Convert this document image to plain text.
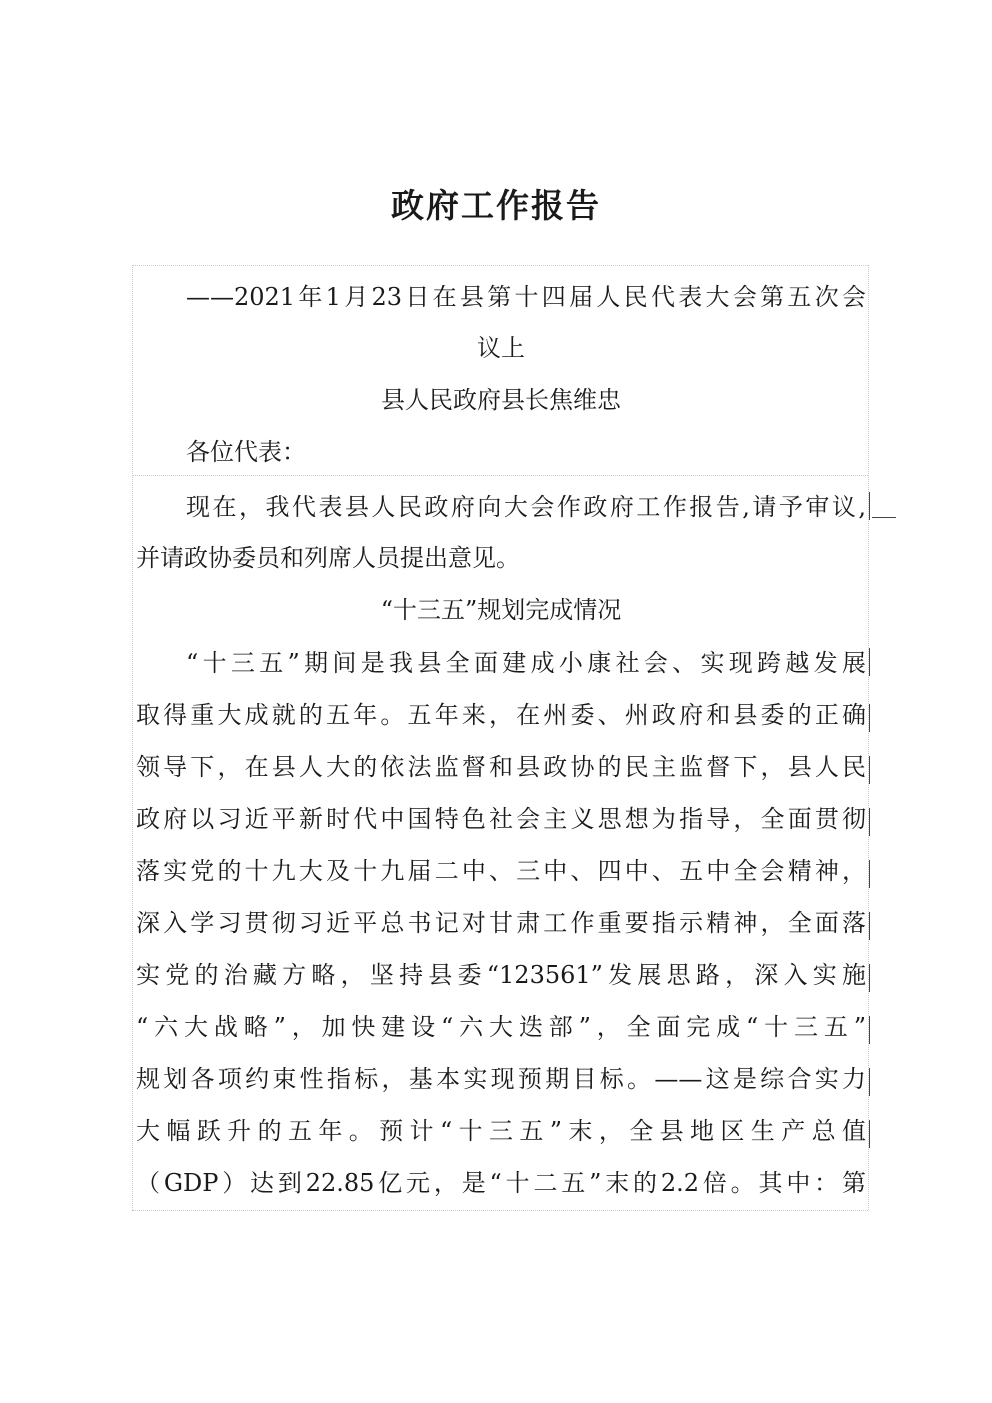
政府工作报告

——2021年1月23日在县第十四届人民代表大会第五次会

议上

县人民政府县长焦维忠

各位代表：

现在，我代表县人民政府向大会作政府工作报告,请予审议,

并请政协委员和列席人员提出意见。

“十三五”规划完成情况

“十三五”期间是我县全面建成小康社会、实现跨越发展

取得重大成就的五年。五年来，在州委、州政府和县委的正确

领导下，在县人大的依法监督和县政协的民主监督下，县人民

政府以习近平新时代中国特色社会主义思想为指导，全面贯彻

落实党的十九大及十九届二中、三中、四中、五中全会精神，

深入学习贯彻习近平总书记对甘肃工作重要指示精神，全面落

实党的治藏方略，坚持县委“123561”发展思路，深入实施

“六大战略”，加快建设“六大迭部”，全面完成“十三五”

规划各项约束性指标，基本实现预期目标。——这是综合实力

大幅跃升的五年。预计“十三五”末，全县地区生产总值

（GDP）达到22.85亿元，是“十二五”末的2.2倍。其中：第
